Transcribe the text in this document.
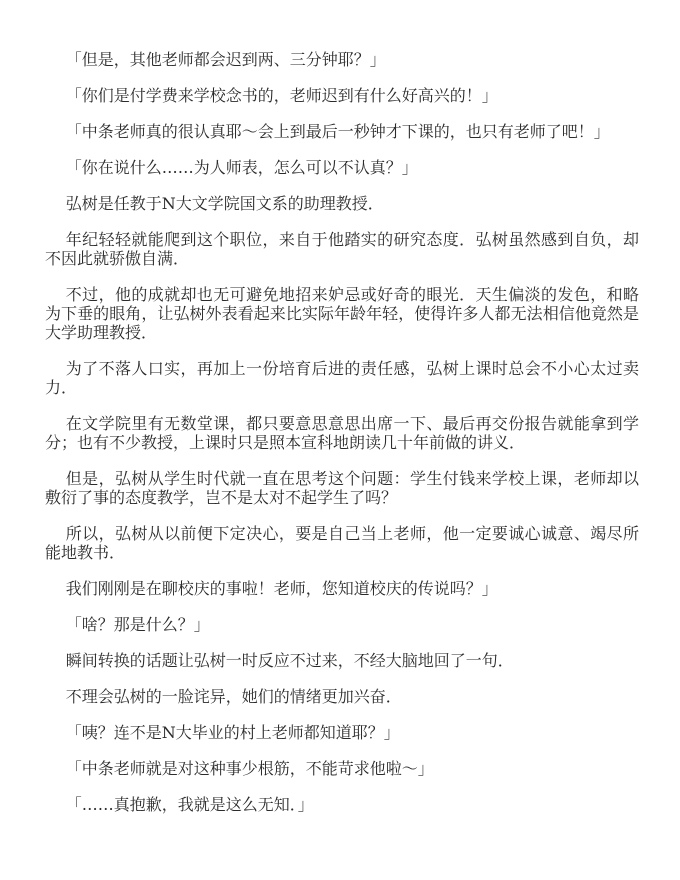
「但是，其他老师都会迟到两、三分钟耶？」

「你们是付学费来学校念书的，老师迟到有什么好高兴的！」

「中条老师真的很认真耶～会上到最后一秒钟才下课的，也只有老师了吧！」

「你在说什么……为人师表，怎么可以不认真？」

弘树是任教于N大文学院国文系的助理教授．

年纪轻轻就能爬到这个职位，来自于他踏实的研究态度．弘树虽然感到自负，却不因此就骄傲自满．

不过，他的成就却也无可避免地招来妒忌或好奇的眼光．天生偏淡的发色，和略为下垂的眼角，让弘树外表看起来比实际年龄年轻，使得许多人都无法相信他竟然是大学助理教授．

为了不落人口实，再加上一份培育后进的责任感，弘树上课时总会不小心太过卖力．

在文学院里有无数堂课，都只要意思意思出席一下、最后再交份报告就能拿到学分；也有不少教授，上课时只是照本宣科地朗读几十年前做的讲义．

但是，弘树从学生时代就一直在思考这个问题：学生付钱来学校上课，老师却以敷衍了事的态度教学，岂不是太对不起学生了吗？

所以，弘树从以前便下定决心，要是自己当上老师，他一定要诚心诚意、竭尽所能地教书．

我们刚刚是在聊校庆的事啦！老师，您知道校庆的传说吗？」

「啥？那是什么？」

瞬间转换的话题让弘树一时反应不过来，不经大脑地回了一句．

不理会弘树的一脸诧异，她们的情绪更加兴奋．

「咦？连不是N大毕业的村上老师都知道耶？」

「中条老师就是对这种事少根筋，不能苛求他啦～」

「……真抱歉，我就是这么无知．」
